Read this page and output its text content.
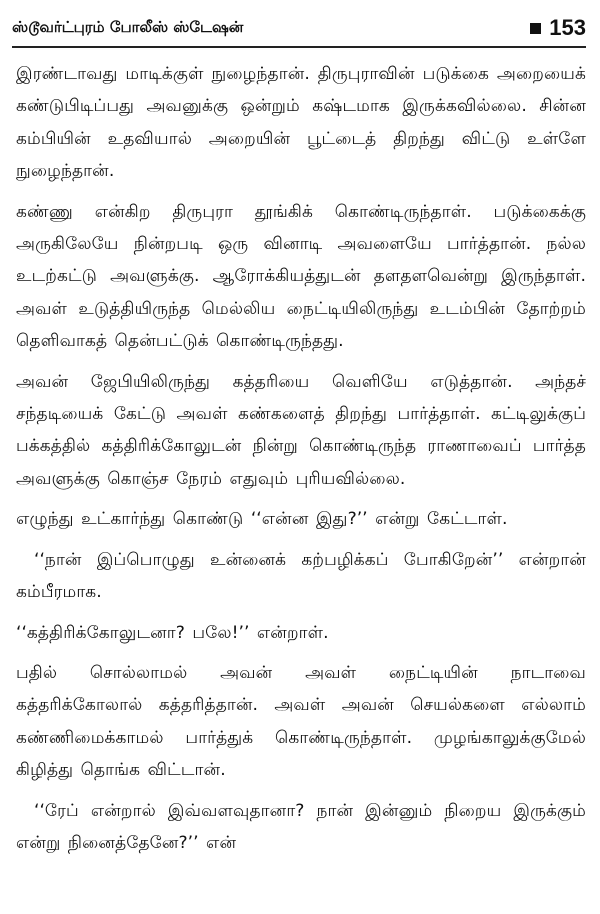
ஸ்டூவர்ட்புரம் போலீஸ் ஸ்டேஷன்	153

இரண்டாவது மாடிக்குள் நுழைந்தான். திருபுராவின் படுக்கை அறையைக் கண்டுபிடிப்பது அவனுக்கு ஒன்றும் கஷ்டமாக இருக்கவில்லை. சின்ன கம்பியின் உதவியால் அறையின் பூட்டைத் திறந்து விட்டு உள்ளே நுழைந்தான்.

கண்ணு என்கிற திருபுரா தூங்கிக் கொண்டிருந்தாள். படுக்கைக்கு அருகிலேயே நின்றபடி ஒரு வினாடி அவளையே பார்த்தான். நல்ல உடற்கட்டு அவளுக்கு. ஆரோக்கியத்துடன் தளதளவென்று இருந்தாள். அவள் உடுத்தியிருந்த மெல்லிய நைட்டியிலிருந்து உடம்பின் தோற்றம் தெளிவாகத் தென்பட்டுக் கொண்டிருந்தது.

அவன் ஜேபியிலிருந்து கத்தரியை வெளியே எடுத்தான். அந்தச் சந்தடியைக் கேட்டு அவள் கண்களைத் திறந்து பார்த்தாள். கட்டிலுக்குப் பக்கத்தில் கத்திரிக்கோலுடன் நின்று கொண்டிருந்த ராணாவைப் பார்த்த அவளுக்கு கொஞ்ச நேரம் எதுவும் புரியவில்லை.

எழுந்து உட்கார்ந்து கொண்டு ‘‘என்ன இது?’’ என்று கேட்டாள்.

‘‘நான் இப்பொழுது உன்னைக் கற்பழிக்கப் போகிறேன்’’ என்றான் கம்பீரமாக.

‘‘கத்திரிக்கோலுடனா? பலே!’’ என்றாள்.

பதில் சொல்லாமல் அவன் அவள் நைட்டியின் நாடாவை கத்தரிக்கோலால் கத்தரித்தான். அவள் அவன் செயல்களை எல்லாம் கண்ணிமைக்காமல் பார்த்துக் கொண்டிருந்தாள். முழங்காலுக்குமேல் கிழித்து தொங்க விட்டான்.

‘‘ரேப் என்றால் இவ்வளவுதானா? நான் இன்னும் நிறைய இருக்கும் என்று நினைத்தேனே?’’ என்
